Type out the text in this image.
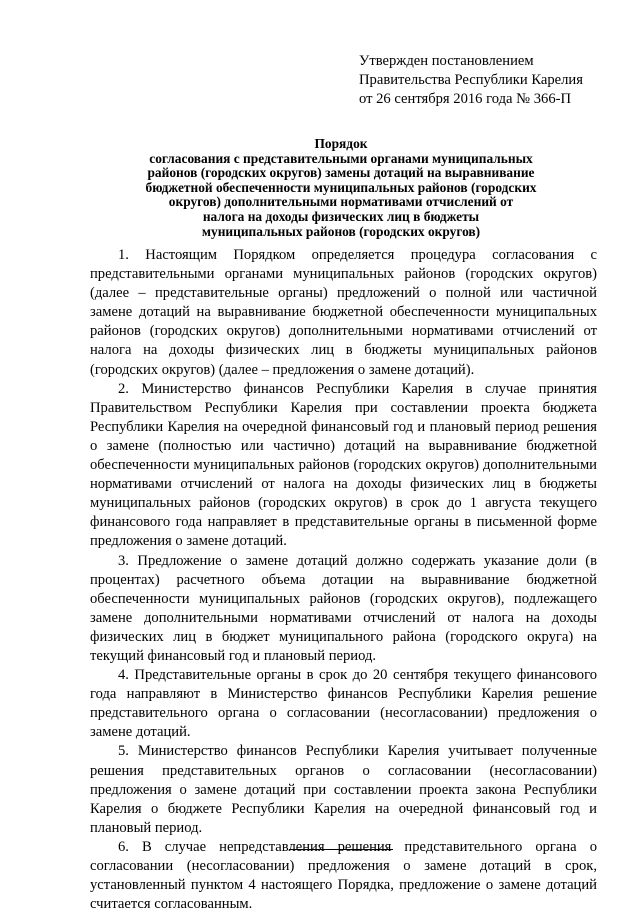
Утвержден постановлением
Правительства Республики Карелия
от 26 сентября 2016 года № 366-П
Порядок
согласования с представительными органами муниципальных
районов (городских округов) замены дотаций на выравнивание
бюджетной обеспеченности муниципальных районов (городских
округов) дополнительными нормативами отчислений от
налога на доходы физических лиц в бюджеты
муниципальных районов (городских округов)

1. Настоящим Порядком определяется процедура согласования с представительными органами муниципальных районов (городских округов) (далее – представительные органы) предложений о полной или частичной замене дотаций на выравнивание бюджетной обеспеченности муниципальных районов (городских округов) дополнительными нормативами отчислений от налога на доходы физических лиц в бюджеты муниципальных районов (городских округов) (далее – предложения о замене дотаций).

2. Министерство финансов Республики Карелия в случае принятия Правительством Республики Карелия при составлении проекта бюджета Республики Карелия на очередной финансовый год и плановый период решения о замене (полностью или частично) дотаций на выравнивание бюджетной обеспеченности муниципальных районов (городских округов) дополнительными нормативами отчислений от налога на доходы физических лиц в бюджеты муниципальных районов (городских округов) в срок до 1 августа текущего финансового года направляет в представительные органы в письменной форме предложения о замене дотаций.

3. Предложение о замене дотаций должно содержать указание доли (в процентах) расчетного объема дотации на выравнивание бюджетной обеспеченности муниципальных районов (городских округов), подлежащего замене дополнительными нормативами отчислений от налога на доходы физических лиц в бюджет муниципального района (городского округа) на текущий финансовый год и плановый период.

4. Представительные органы в срок до 20 сентября текущего финансового года направляют в Министерство финансов Республики Карелия решение представительного органа о согласовании (несогласовании) предложения о замене дотаций.

5. Министерство финансов Республики Карелия учитывает полученные решения представительных органов о согласовании (несогласовании) предложения о замене дотаций при составлении проекта закона Республики Карелия о бюджете Республики Карелия на очередной финансовый год и плановый период.

6. В случае непредставления решения представительного органа о согласовании (несогласовании) предложения о замене дотаций в срок, установленный пунктом 4 настоящего Порядка, предложение о замене дотаций считается согласованным.
